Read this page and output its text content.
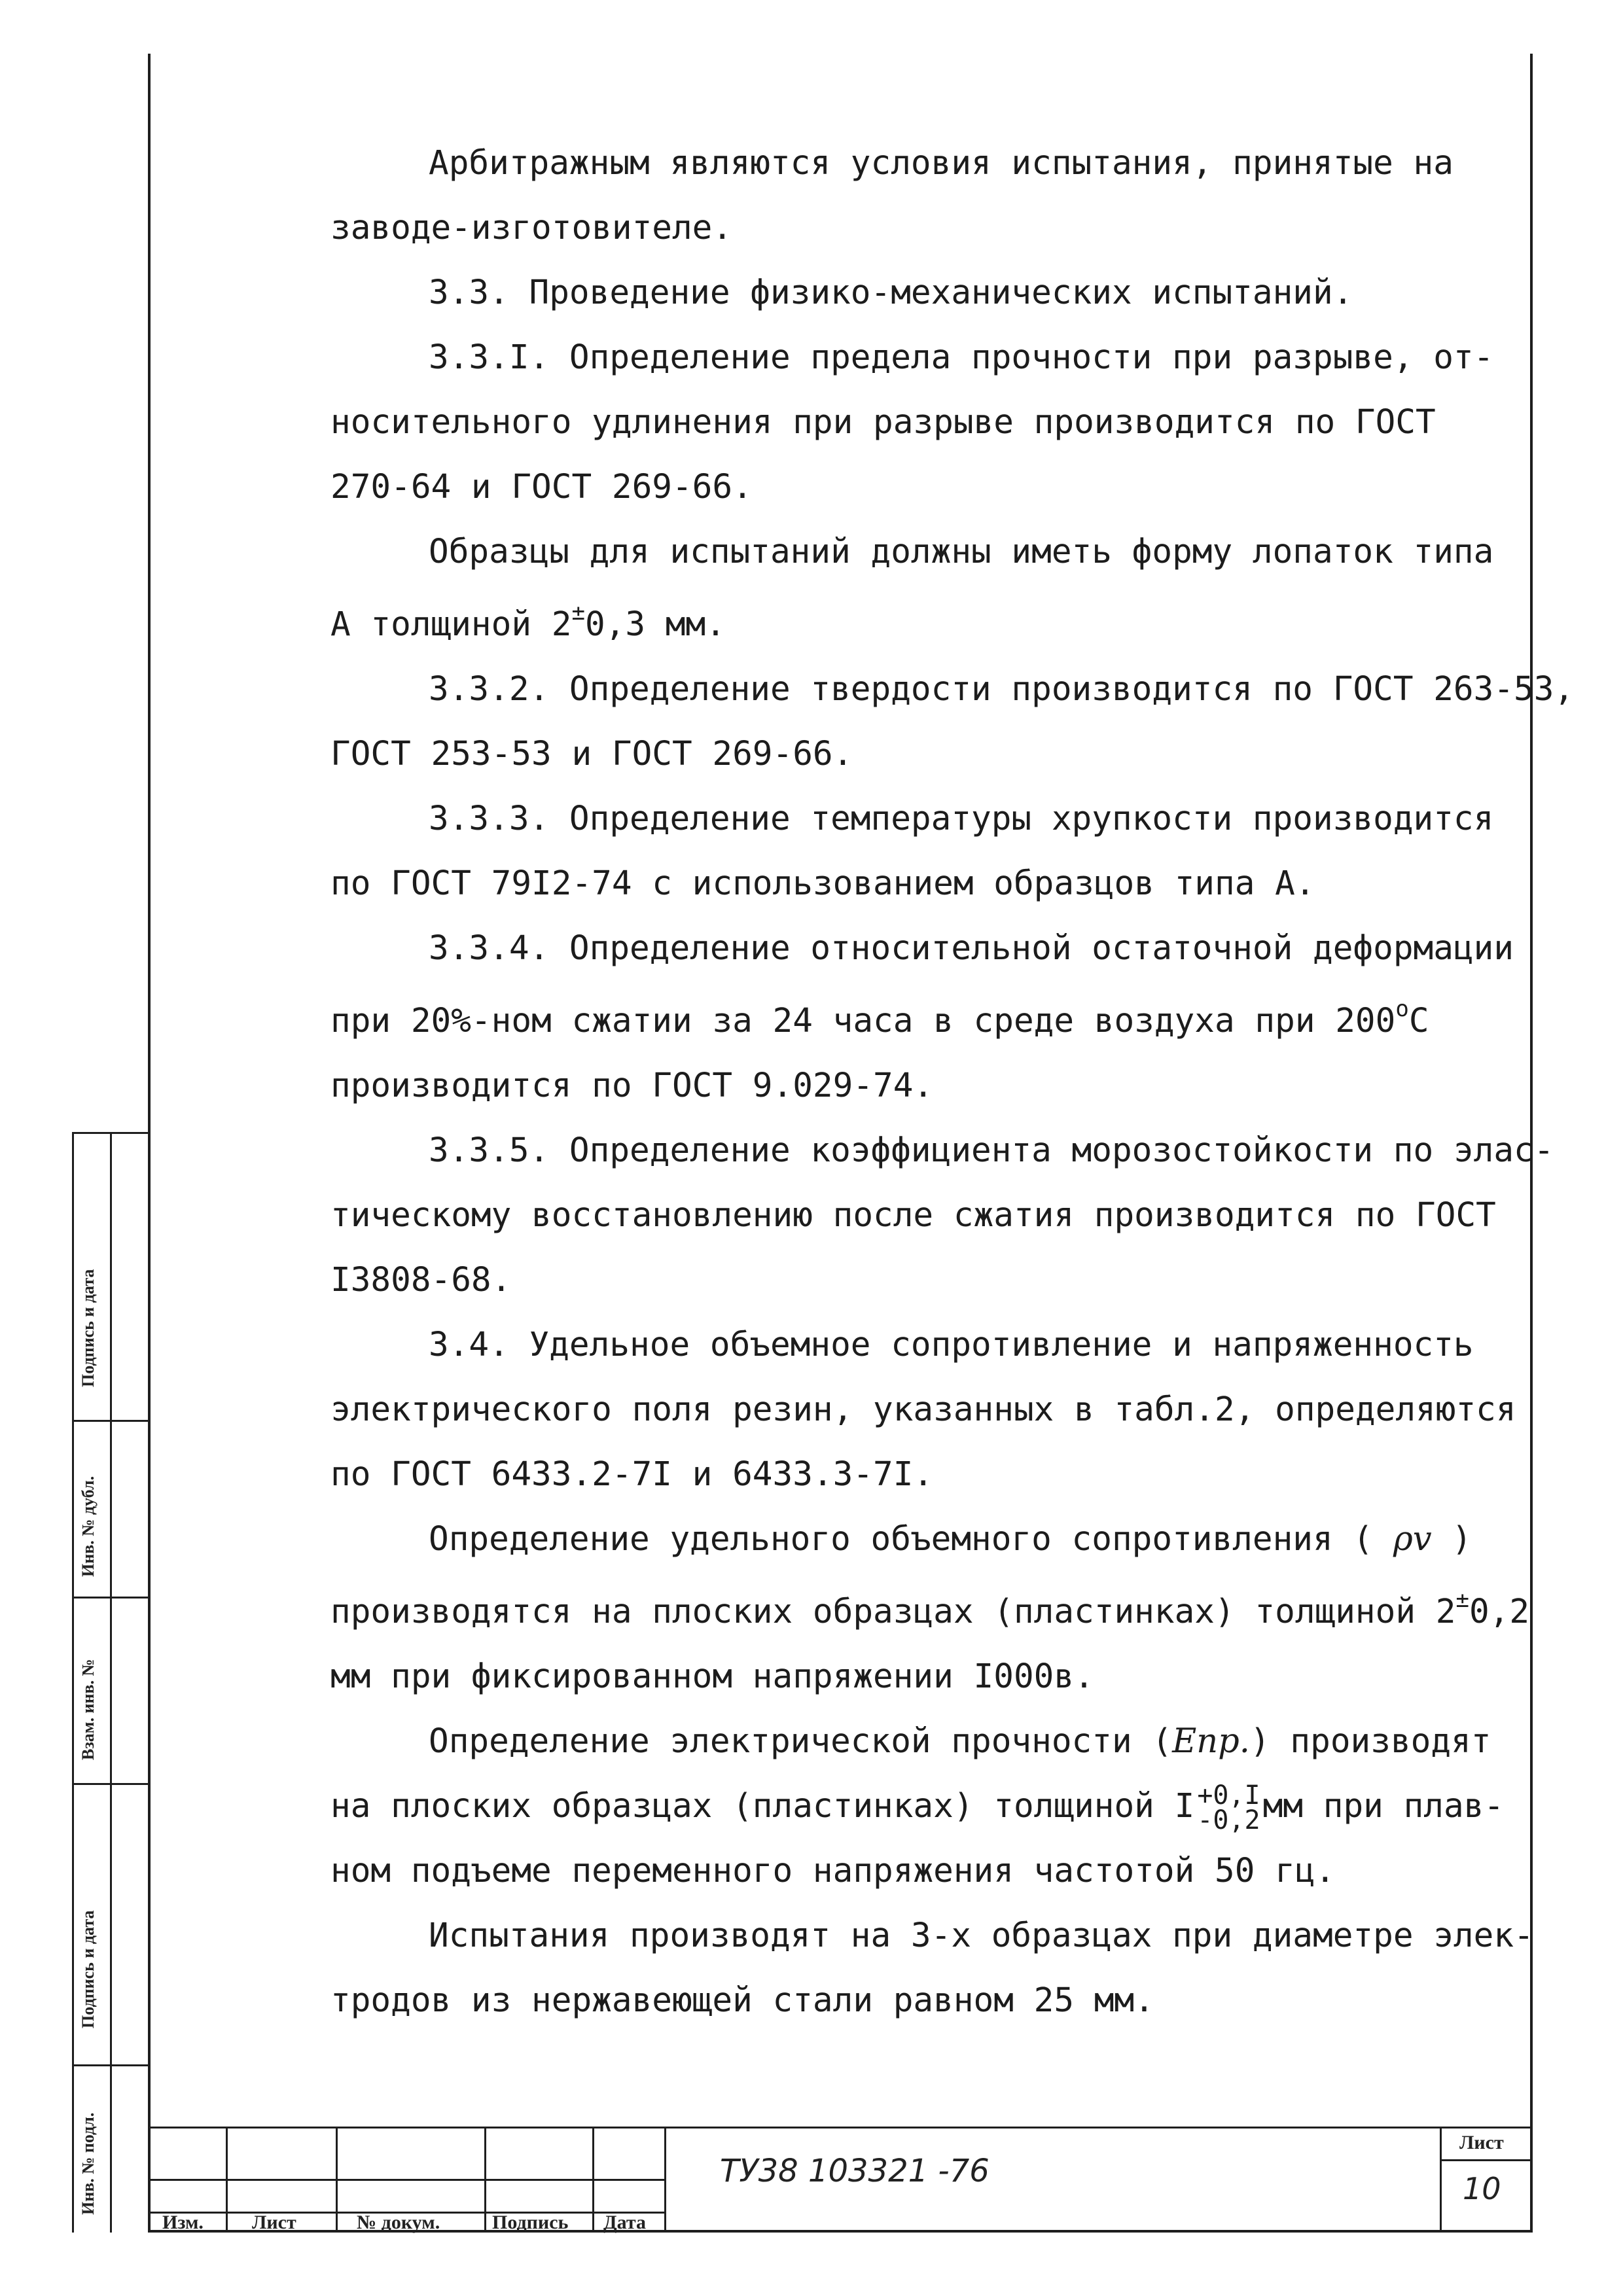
Подпись и дата
Инв. № дубл.
Взам. инв. №
Подпись и дата
Инв. № подл.

Арбитражным являются условия испытания, принятые на

заводе-изготовителе.

3.3. Проведение физико-механических испытаний.

3.3.I. Определение предела прочности при разрыве, от-

носительного удлинения при разрыве производится по ГОСТ

270-64 и ГОСТ 269-66.

Образцы для испытаний должны иметь форму лопаток типа

А толщиной 2±0,3 мм.

3.3.2. Определение твердости производится по ГОСТ 263-53,

ГОСТ 253-53 и ГОСТ 269-66.

3.3.3. Определение температуры хрупкости производится

по ГОСТ 79I2-74 с использованием образцов типа А.

3.3.4. Определение относительной остаточной деформации

при 20%-ном сжатии за 24 часа в среде воздуха при $200^оС$

производится по ГОСТ 9.029-74.

3.3.5. Определение коэффициента морозостойкости по элас-

тическому восстановлению после сжатия производится по ГОСТ

I3808-68.

3.4. Удельное объемное сопротивление и напряженность

электрического поля резин, указанных в табл.2, определяются

по ГОСТ 6433.2-7I и 6433.3-7I.

Определение удельного объемного сопротивления ( ρv )

производятся на плоских образцах (пластинках) толщиной 2±0,2

мм при фиксированном напряжении I000в.

Определение электрической прочности (Епр.) производят

на плоских образцах (пластинках) толщиной I +0,I
-0,2 мм при плав-

ном подъеме переменного напряжения частотой 50 гц.

Испытания производят на 3-х образцах при диаметре элек-

тродов из нержавеющей стали равном 25 мм.

Изм. Лист	№ докум.	Подпись Дата
ТУ38 103321 -76
Лист
10
